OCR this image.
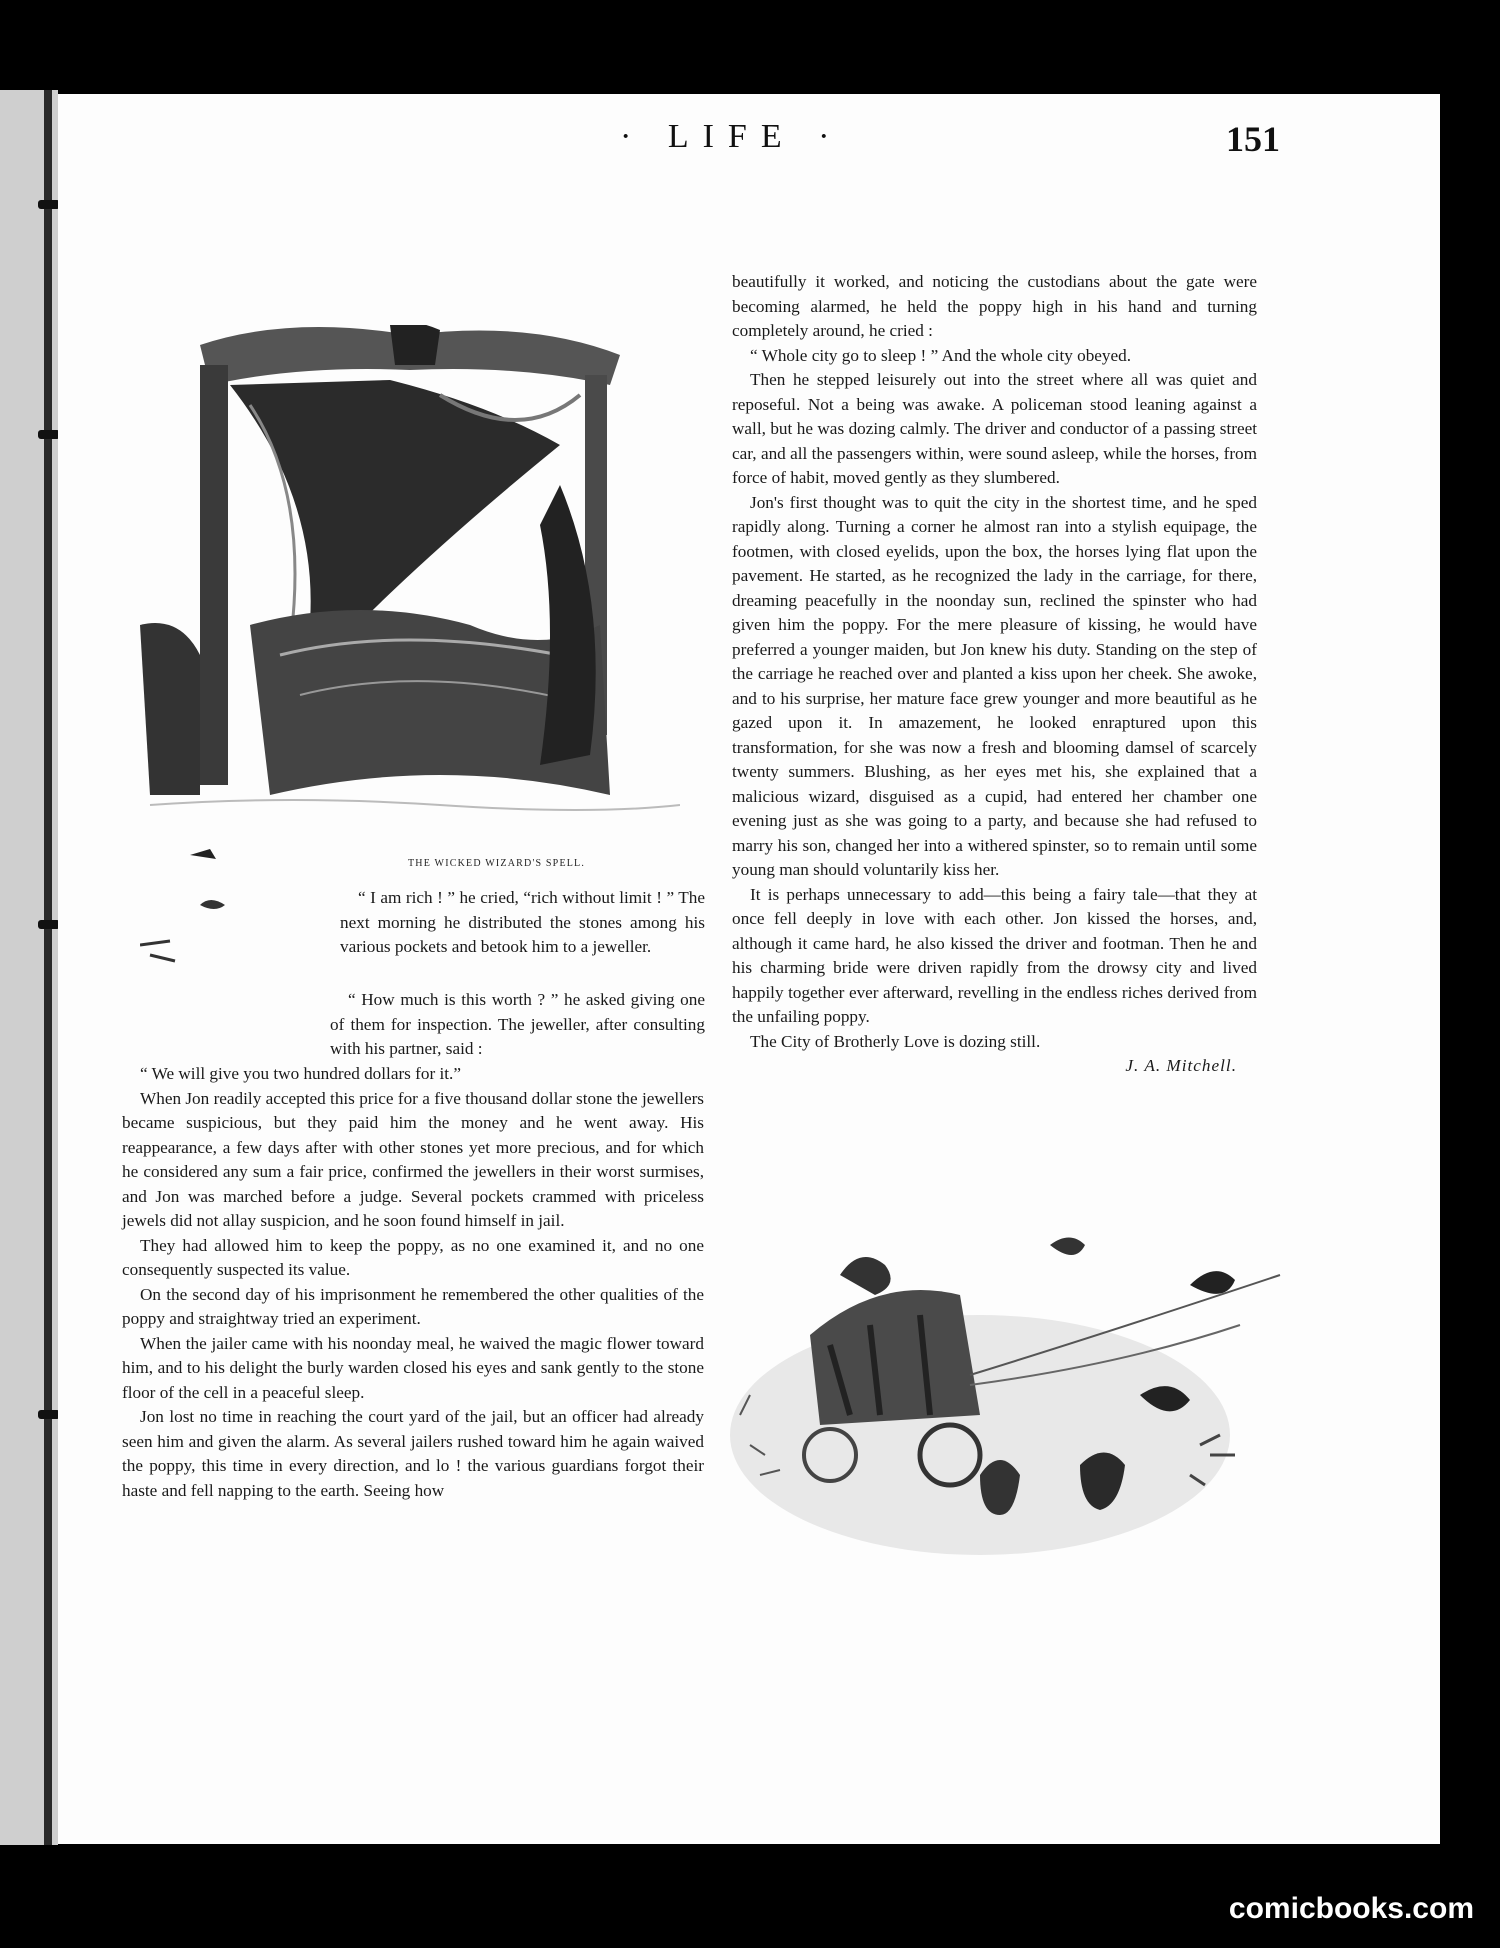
· LIFE ·	151
THE WICKED WIZARD'S SPELL.

“ I am rich ! ” he cried, “rich without limit ! ” The next morning he distributed the stones among his various pockets and betook him to a jeweller.

“ How much is this worth ? ” he asked giving one of them for inspection. The jeweller, after consulting with his partner, said :

“ We will give you two hundred dollars for it.”

When Jon readily accepted this price for a five thousand dollar stone the jewellers became suspicious, but they paid him the money and he went away. His reappearance, a few days after with other stones yet more precious, and for which he considered any sum a fair price, confirmed the jewellers in their worst surmises, and Jon was marched before a judge. Several pockets crammed with priceless jewels did not allay suspicion, and he soon found himself in jail.

They had allowed him to keep the poppy, as no one examined it, and no one consequently suspected its value.

On the second day of his imprisonment he remembered the other qualities of the poppy and straightway tried an experiment.

When the jailer came with his noonday meal, he waived the magic flower toward him, and to his delight the burly warden closed his eyes and sank gently to the stone floor of the cell in a peaceful sleep.

Jon lost no time in reaching the court yard of the jail, but an officer had already seen him and given the alarm. As several jailers rushed toward him he again waived the poppy, this time in every direction, and lo ! the various guardians forgot their haste and fell napping to the earth. Seeing how

beautifully it worked, and noticing the custodians about the gate were becoming alarmed, he held the poppy high in his hand and turning completely around, he cried :

“ Whole city go to sleep ! ” And the whole city obeyed.

Then he stepped leisurely out into the street where all was quiet and reposeful. Not a being was awake. A policeman stood leaning against a wall, but he was dozing calmly. The driver and conductor of a passing street car, and all the passengers within, were sound asleep, while the horses, from force of habit, moved gently as they slumbered.

Jon's first thought was to quit the city in the shortest time, and he sped rapidly along. Turning a corner he almost ran into a stylish equipage, the footmen, with closed eyelids, upon the box, the horses lying flat upon the pavement. He started, as he recognized the lady in the carriage, for there, dreaming peacefully in the noonday sun, reclined the spinster who had given him the poppy. For the mere pleasure of kissing, he would have preferred a younger maiden, but Jon knew his duty. Standing on the step of the carriage he reached over and planted a kiss upon her cheek. She awoke, and to his surprise, her mature face grew younger and more beautiful as he gazed upon it. In amazement, he looked enraptured upon this transformation, for she was now a fresh and blooming damsel of scarcely twenty summers. Blushing, as her eyes met his, she explained that a malicious wizard, disguised as a cupid, had entered her chamber one evening just as she was going to a party, and because she had refused to marry his son, changed her into a withered spinster, so to remain until some young man should voluntarily kiss her.

It is perhaps unnecessary to add—this being a fairy tale—that they at once fell deeply in love with each other. Jon kissed the horses, and, although it came hard, he also kissed the driver and footman. Then he and his charming bride were driven rapidly from the drowsy city and lived happily together ever afterward, revelling in the endless riches derived from the unfailing poppy.

The City of Brotherly Love is dozing still.

J. A. Mitchell.

comicbooks.com
